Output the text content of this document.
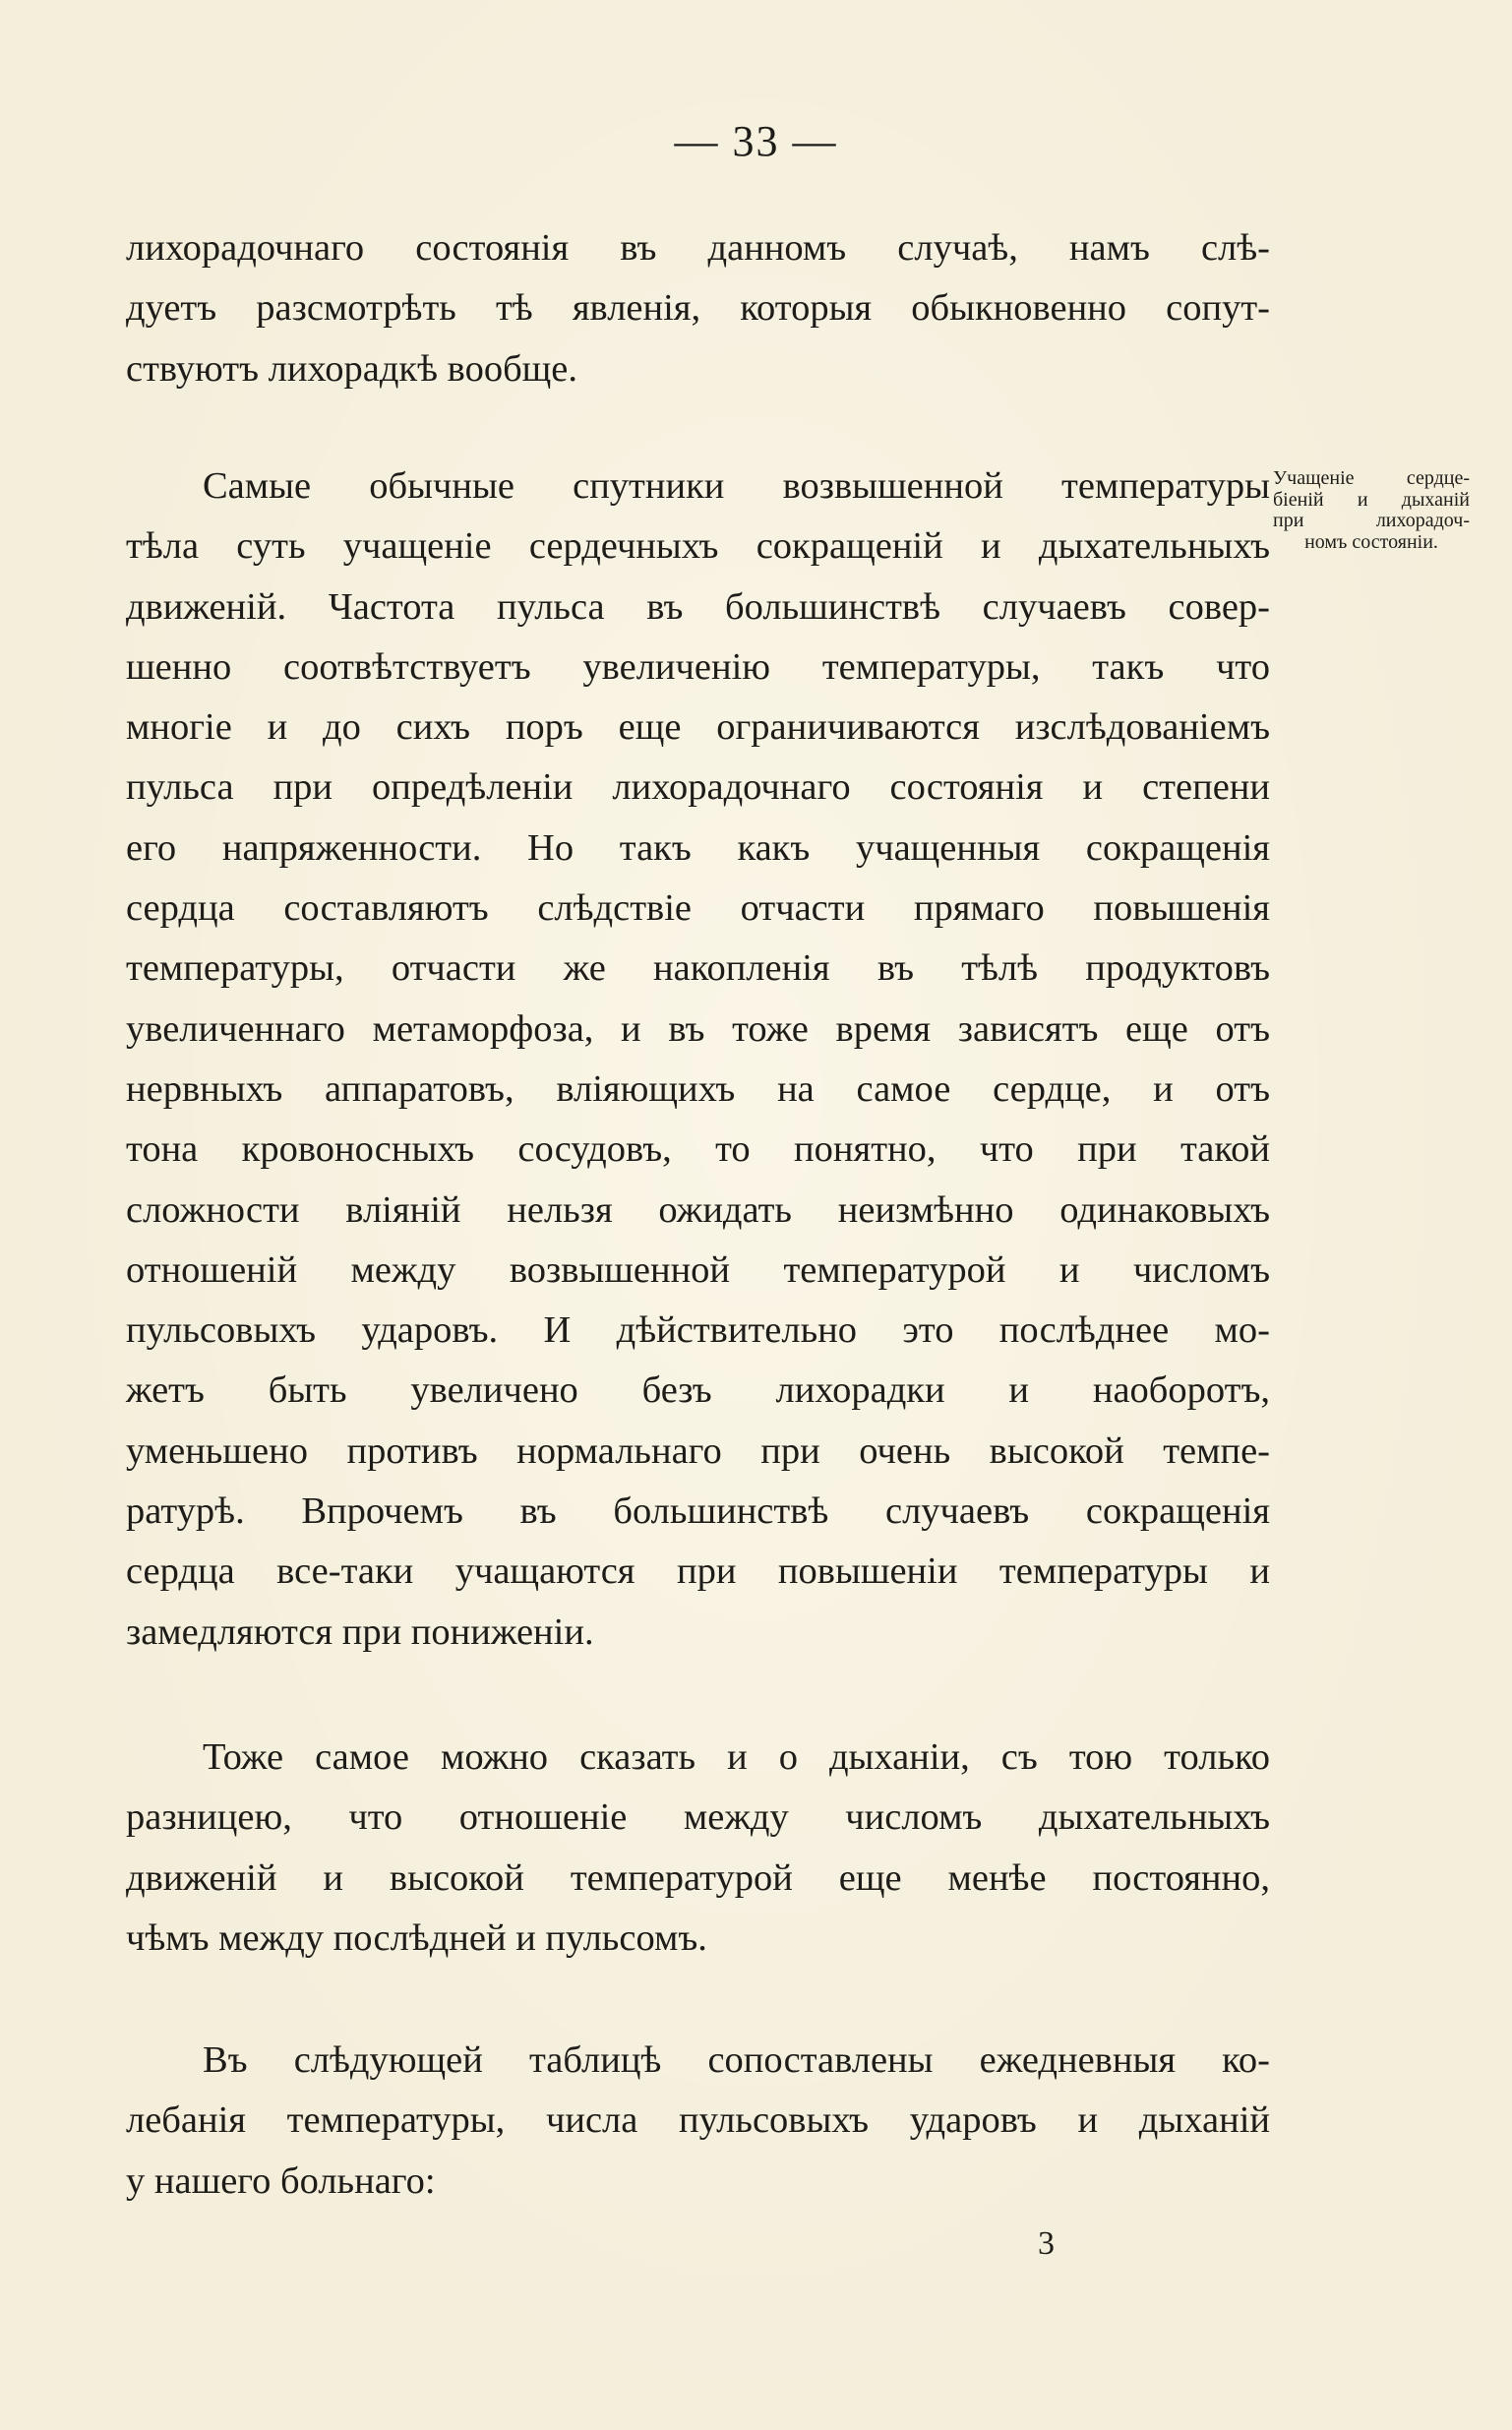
— 33 —
лихорадочнаго состоянія въ данномъ случаѣ, намъ слѣ-
дуетъ разсмотрѣть тѣ явленія, которыя обыкновенно сопут-
ствуютъ лихорадкѣ вообще.
Самые обычные спутники возвышенной температуры
тѣла суть учащеніе сердечныхъ сокращеній и дыхательныхъ
движеній. Частота пульса въ большинствѣ случаевъ совер-
шенно соотвѣтствуетъ увеличенію температуры, такъ что
многіе и до сихъ поръ еще ограничиваются изслѣдованіемъ
пульса при опредѣленіи лихорадочнаго состоянія и степени
его напряженности. Но такъ какъ учащенныя сокращенія
сердца составляютъ слѣдствіе отчасти прямаго повышенія
температуры, отчасти же накопленія въ тѣлѣ продуктовъ
увеличеннаго метаморфоза, и въ тоже время зависятъ еще отъ
нервныхъ аппаратовъ, вліяющихъ на самое сердце, и отъ
тона кровоносныхъ сосудовъ, то понятно, что при такой
сложности вліяній нельзя ожидать неизмѣнно одинаковыхъ
отношеній между возвышенной температурой и числомъ
пульсовыхъ ударовъ. И дѣйствительно это послѣднее мо-
жетъ быть увеличено безъ лихорадки и наоборотъ,
уменьшено противъ нормальнаго при очень высокой темпе-
ратурѣ. Впрочемъ въ большинствѣ случаевъ сокращенія
сердца все-таки учащаются при повышеніи температуры и
замедляются при пониженіи.
Учащеніе сердце-
біеній и дыханій
при лихорадоч-
номъ состояніи.
Тоже самое можно сказать и о дыханіи, съ тою только
разницею, что отношеніе между числомъ дыхательныхъ
движеній и высокой температурой еще менѣе постоянно,
чѣмъ между послѣдней и пульсомъ.
Въ слѣдующей таблицѣ сопоставлены ежедневныя ко-
лебанія температуры, числа пульсовыхъ ударовъ и дыханій
у нашего больнаго:
3
